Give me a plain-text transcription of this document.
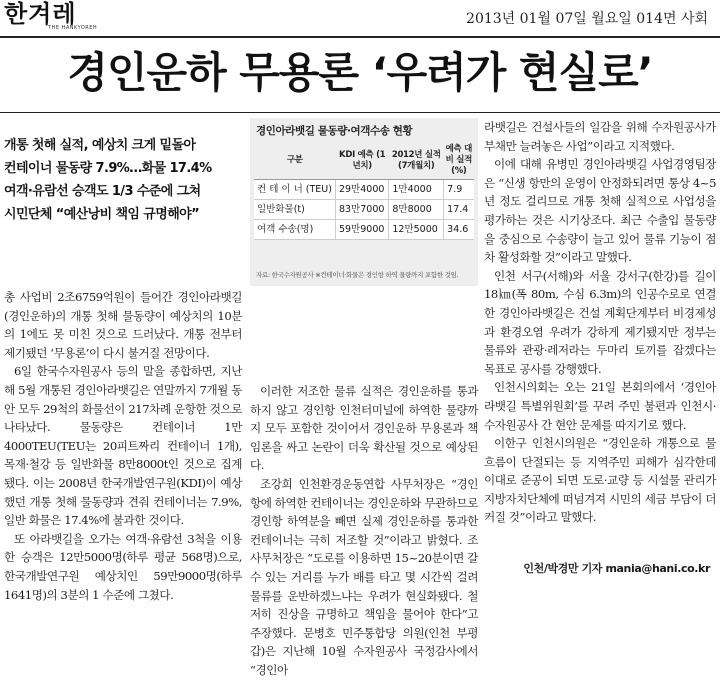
한겨레
THE HANKYOREH
2013년 01월 07일 월요일 014면 사회
경인운하 무용론 ‘우려가 현실로’
개통 첫해 실적, 예상치 크게 밑돌아
컨테이너 물동량 7.9%…화물 17.4%
여객·유람선 승객도 1/3 수준에 그쳐
시민단체 “예산낭비 책임 규명해야”

총 사업비 2조6759억원이 들어간 경인아라뱃길(경인운하)의 개통 첫해 물동량이 예상치의 10분의 1에도 못 미친 것으로 드러났다. 개통 전부터 제기됐던 ‘무용론’이 다시 불거질 전망이다.

6일 한국수자원공사 등의 말을 종합하면, 지난해 5월 개통된 경인아라뱃길은 연말까지 7개월 동안 모두 29척의 화물선이 217차례 운항한 것으로 나타났다. 물동량은 컨테이너 1만4000TEU(TEU는 20피트짜리 컨테이너 1개), 목재·철강 등 일반화물 8만8000t인 것으로 집계됐다. 이는 2008년 한국개발연구원(KDI)이 예상했던 개통 첫해 물동량과 견줘 컨테이너는 7.9%, 일반 화물은 17.4%에 불과한 것이다.

또 아라뱃길을 오가는 여객·유람선 3척을 이용한 승객은 12만5000명(하루 평균 568명)으로, 한국개발연구원 예상치인 59만9000명(하루 1641명)의 3분의 1 수준에 그쳤다.

경인아라뱃길 물동량·여객수송 현황
구분	KDI 예측 (1년치)	2012년 실적 (7개월치)	예측 대비 실적(%)
컨 테 이 너 (TEU)	29만4000	1만4000	7.9
일반화물(t)	83만7000	8만8000	17.4
여객 수송(명)	59만9000	12만5000	34.6
자료: 한국수자원공사 ※컨테이너·화물은 경인항 하역 물량까지 포함한 것임.

이러한 저조한 물류 실적은 경인운하를 통과하지 않고 경인항 인천터미널에 하역한 물량까지 모두 포함한 것이어서 경인운하 무용론과 책임론을 싸고 논란이 더욱 확산될 것으로 예상된다.

조강희 인천환경운동연합 사무처장은 “경인항에 하역한 컨테이너는 경인운하와 무관하므로 경인항 하역분을 빼면 실제 경인운하를 통과한 컨테이너는 극히 저조할 것”이라고 밝혔다. 조 사무처장은 “도로를 이용하면 15~20분이면 갈 수 있는 거리를 누가 배를 타고 몇 시간씩 걸려 물류를 운반하겠느냐는 우려가 현실화됐다. 철저히 진상을 규명하고 책임을 물어야 한다”고 주장했다. 문병호 민주통합당 의원(인천 부평갑)은 지난해 10월 수자원공사 국정감사에서 “경인아

라뱃길은 건설사들의 일감을 위해 수자원공사가 부채만 늘려놓은 사업”이라고 지적했다.

이에 대해 유병민 경인아라뱃길 사업경영팀장은 “신생 항만의 운영이 안정화되려면 통상 4~5년 정도 걸리므로 개통 첫해 실적으로 사업성을 평가하는 것은 시기상조다. 최근 수출입 물동량을 중심으로 수송량이 늘고 있어 물류 기능이 점차 활성화할 것”이라고 말했다.

인천 서구(서해)와 서울 강서구(한강)를 길이 18㎞(폭 80m, 수심 6.3m)의 인공수로로 연결한 경인아라뱃길은 건설 계획단계부터 비경제성과 환경오염 우려가 강하게 제기됐지만 정부는 물류와 관광·레저라는 두마리 토끼를 잡겠다는 목표로 공사를 강행했다.

인천시의회는 오는 21일 본회의에서 ‘경인아라뱃길 특별위원회’를 꾸려 주민 불편과 인천시·수자원공사 간 현안 문제를 따지기로 했다.

이한구 인천시의원은 “경인운하 개통으로 물 흐름이 단절되는 등 지역주민 피해가 심각한데 이대로 준공이 되면 도로·교량 등 시설물 관리가 지방자치단체에 떠넘겨져 시민의 세금 부담이 더 커질 것”이라고 말했다.

인천/박경만 기자 mania@hani.co.kr
